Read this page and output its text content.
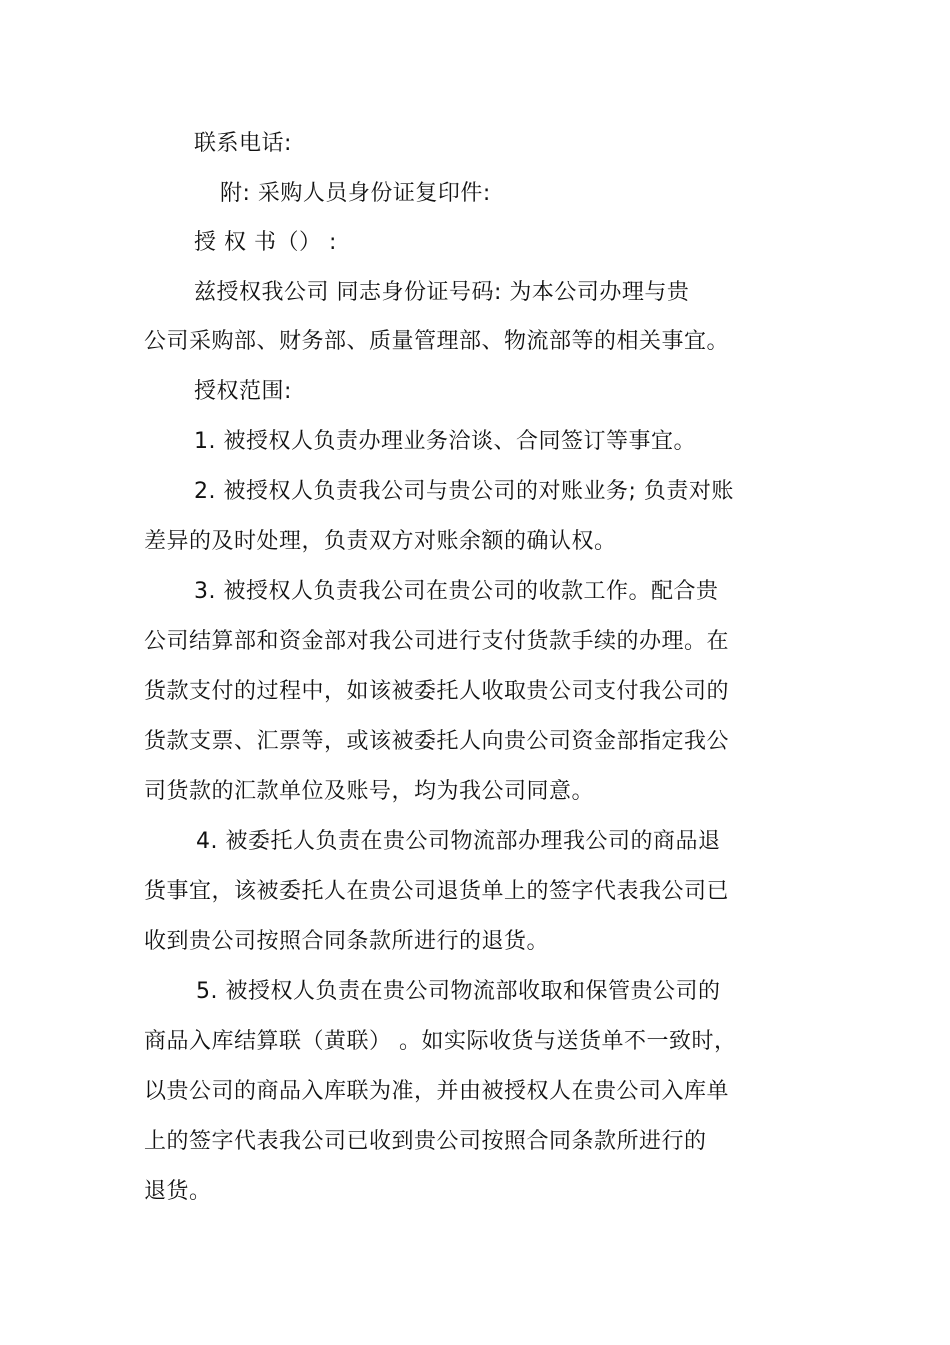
联系电话:
附: 采购人员身份证复印件:
授 权 书（） :
兹授权我公司 同志身份证号码: 为本公司办理与贵
公司采购部、财务部、质量管理部、物流部等的相关事宜。
授权范围:
1. 被授权人负责办理业务洽谈、合同签订等事宜。
2. 被授权人负责我公司与贵公司的对账业务; 负责对账
差异的及时处理，负责双方对账余额的确认权。
3. 被授权人负责我公司在贵公司的收款工作。配合贵
公司结算部和资金部对我公司进行支付货款手续的办理。在
货款支付的过程中，如该被委托人收取贵公司支付我公司的
货款支票、汇票等，或该被委托人向贵公司资金部指定我公
司货款的汇款单位及账号，均为我公司同意。
4. 被委托人负责在贵公司物流部办理我公司的商品退
货事宜，该被委托人在贵公司退货单上的签字代表我公司已
收到贵公司按照合同条款所进行的退货。
5. 被授权人负责在贵公司物流部收取和保管贵公司的
商品入库结算联（黄联） 。如实际收货与送货单不一致时，
以贵公司的商品入库联为准，并由被授权人在贵公司入库单
上的签字代表我公司已收到贵公司按照合同条款所进行的
退货。
